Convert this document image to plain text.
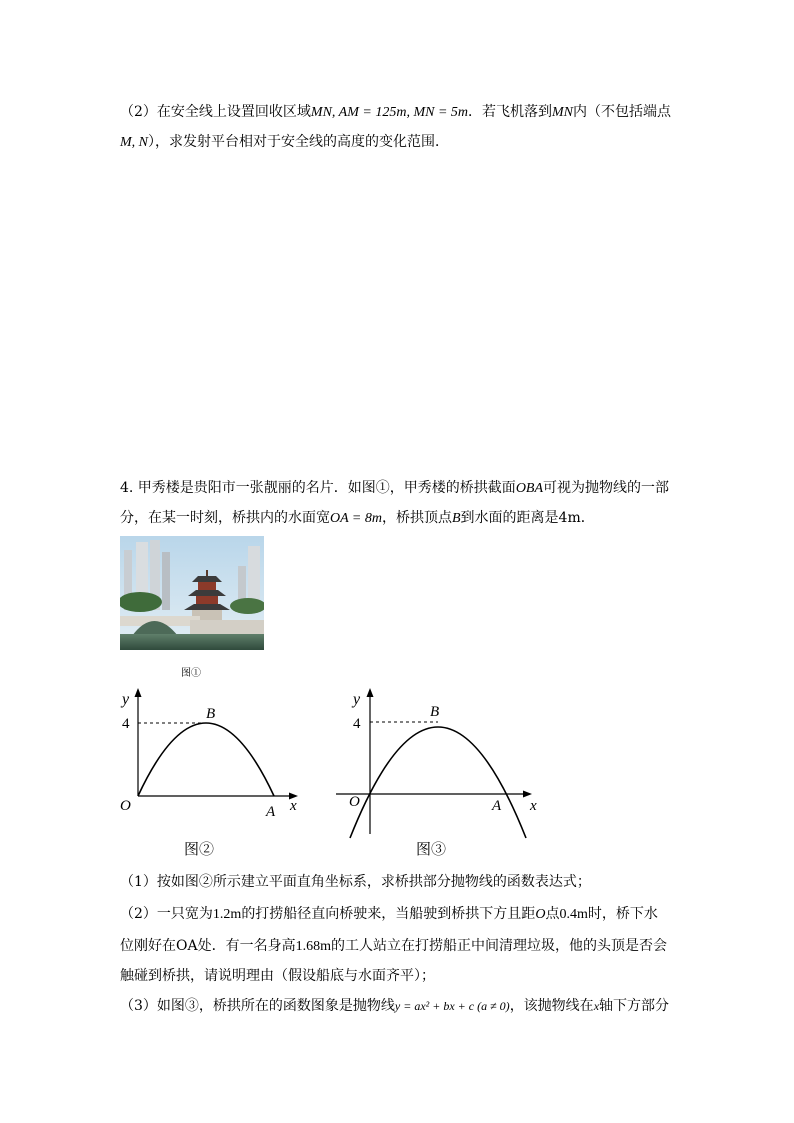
（2）在安全线上设置回收区域MN, AM = 125m, MN = 5m．若飞机落到MN内（不包括端点
M, N），求发射平台相对于安全线的高度的变化范围．
4. 甲秀楼是贵阳市一张靓丽的名片．如图①，甲秀楼的桥拱截面OBA可视为抛物线的一部
分，在某一时刻，桥拱内的水面宽OA = 8m，桥拱顶点B到水面的距离是4m．
图①
y
4
B
O	A x
图②
y
4
B
O	A x
图③
（1）按如图②所示建立平面直角坐标系，求桥拱部分抛物线的函数表达式；
（2）一只宽为1.2m的打捞船径直向桥驶来，当船驶到桥拱下方且距O点0.4m时，桥下水
位刚好在OA处．有一名身高1.68m的工人站立在打捞船正中间清理垃圾，他的头顶是否会
触碰到桥拱，请说明理由（假设船底与水面齐平）；
（3）如图③，桥拱所在的函数图象是抛物线y = ax² + bx + c (a ≠ 0)，该抛物线在x轴下方部分
